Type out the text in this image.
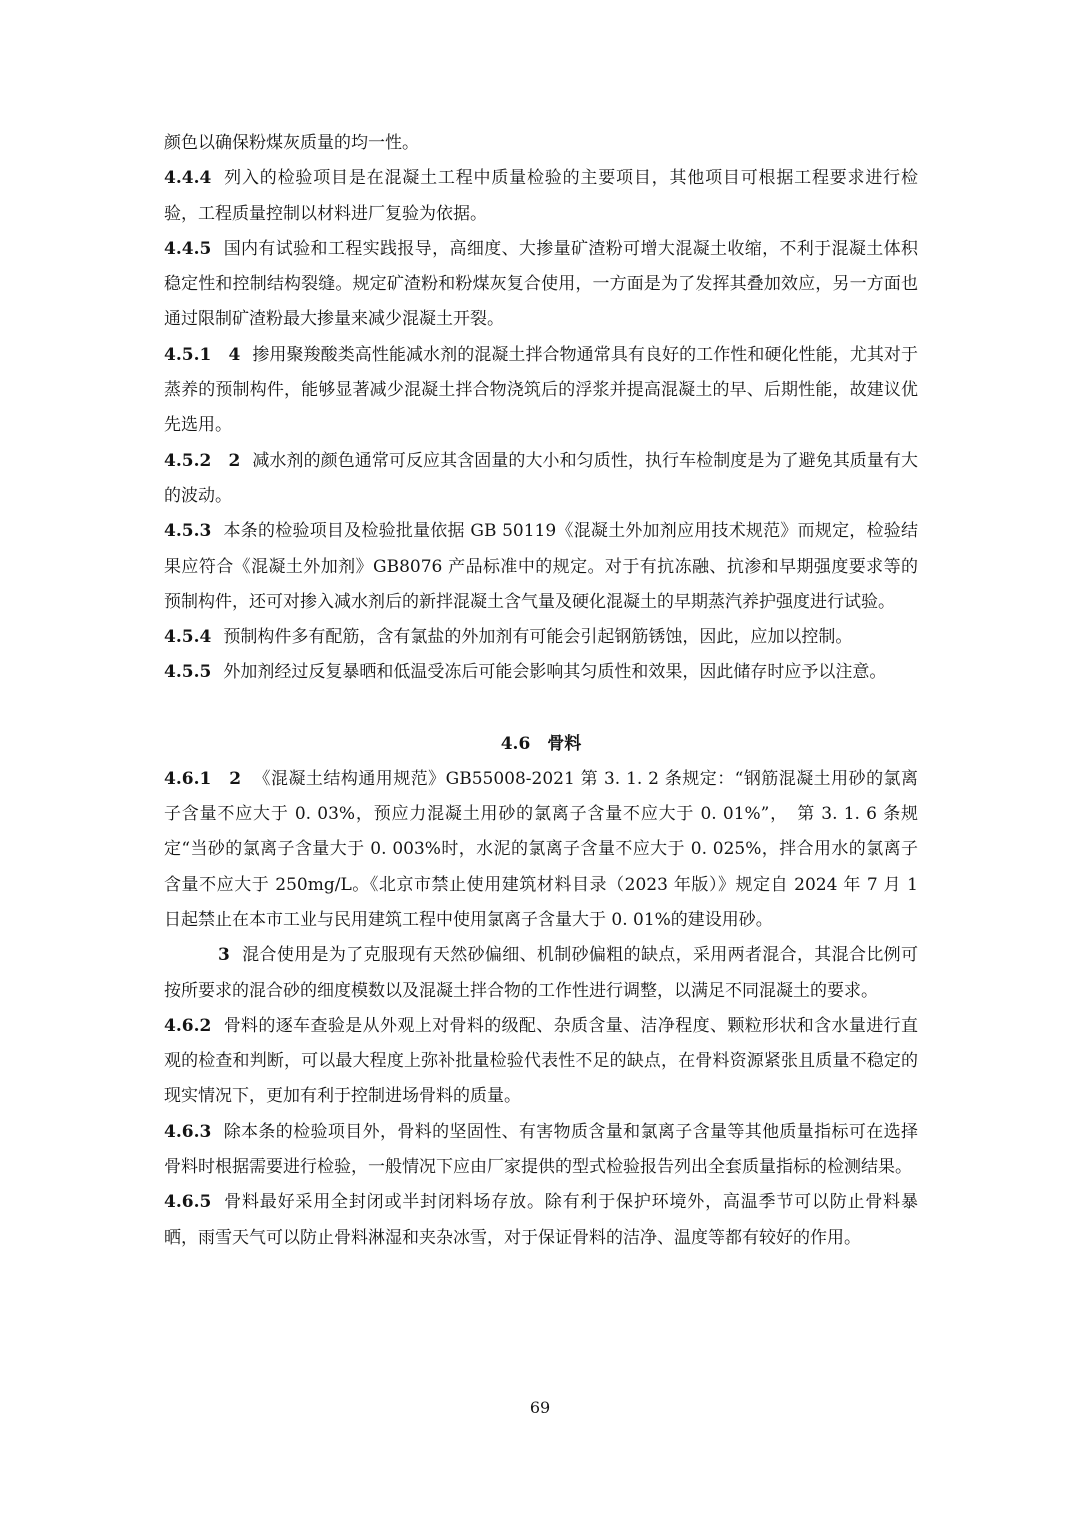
颜色以确保粉煤灰质量的均一性。

4.4.4 列入的检验项目是在混凝土工程中质量检验的主要项目，其他项目可根据工程要求进行检验，工程质量控制以材料进厂复验为依据。

4.4.5 国内有试验和工程实践报导，高细度、大掺量矿渣粉可增大混凝土收缩，不利于混凝土体积稳定性和控制结构裂缝。规定矿渣粉和粉煤灰复合使用，一方面是为了发挥其叠加效应，另一方面也通过限制矿渣粉最大掺量来减少混凝土开裂。

4.5.1　4 掺用聚羧酸类高性能减水剂的混凝土拌合物通常具有良好的工作性和硬化性能，尤其对于蒸养的预制构件，能够显著减少混凝土拌合物浇筑后的浮浆并提高混凝土的早、后期性能，故建议优先选用。

4.5.2　2 减水剂的颜色通常可反应其含固量的大小和匀质性，执行车检制度是为了避免其质量有大的波动。

4.5.3 本条的检验项目及检验批量依据 GB 50119《混凝土外加剂应用技术规范》而规定，检验结果应符合《混凝土外加剂》GB8076 产品标准中的规定。对于有抗冻融、抗渗和早期强度要求等的预制构件，还可对掺入减水剂后的新拌混凝土含气量及硬化混凝土的早期蒸汽养护强度进行试验。

4.5.4 预制构件多有配筋，含有氯盐的外加剂有可能会引起钢筋锈蚀，因此，应加以控制。

4.5.5 外加剂经过反复暴晒和低温受冻后可能会影响其匀质性和效果，因此储存时应予以注意。

4.6　骨料

4.6.1　2 《混凝土结构通用规范》GB55008-2021 第 3. 1. 2 条规定：“钢筋混凝土用砂的氯离子含量不应大于 0. 03%，预应力混凝土用砂的氯离子含量不应大于 0. 01%”，　第 3. 1. 6 条规定“当砂的氯离子含量大于 0. 003%时，水泥的氯离子含量不应大于 0. 025%，拌合用水的氯离子含量不应大于 250mg/L。《北京市禁止使用建筑材料目录（2023 年版）》规定自 2024 年 7 月 1 日起禁止在本市工业与民用建筑工程中使用氯离子含量大于 0. 01%的建设用砂。

3 混合使用是为了克服现有天然砂偏细、机制砂偏粗的缺点，采用两者混合，其混合比例可按所要求的混合砂的细度模数以及混凝土拌合物的工作性进行调整，以满足不同混凝土的要求。

4.6.2 骨料的逐车查验是从外观上对骨料的级配、杂质含量、洁净程度、颗粒形状和含水量进行直观的检查和判断，可以最大程度上弥补批量检验代表性不足的缺点，在骨料资源紧张且质量不稳定的现实情况下，更加有利于控制进场骨料的质量。

4.6.3 除本条的检验项目外，骨料的坚固性、有害物质含量和氯离子含量等其他质量指标可在选择骨料时根据需要进行检验，一般情况下应由厂家提供的型式检验报告列出全套质量指标的检测结果。

4.6.5 骨料最好采用全封闭或半封闭料场存放。除有利于保护环境外，高温季节可以防止骨料暴晒，雨雪天气可以防止骨料淋湿和夹杂冰雪，对于保证骨料的洁净、温度等都有较好的作用。

69
